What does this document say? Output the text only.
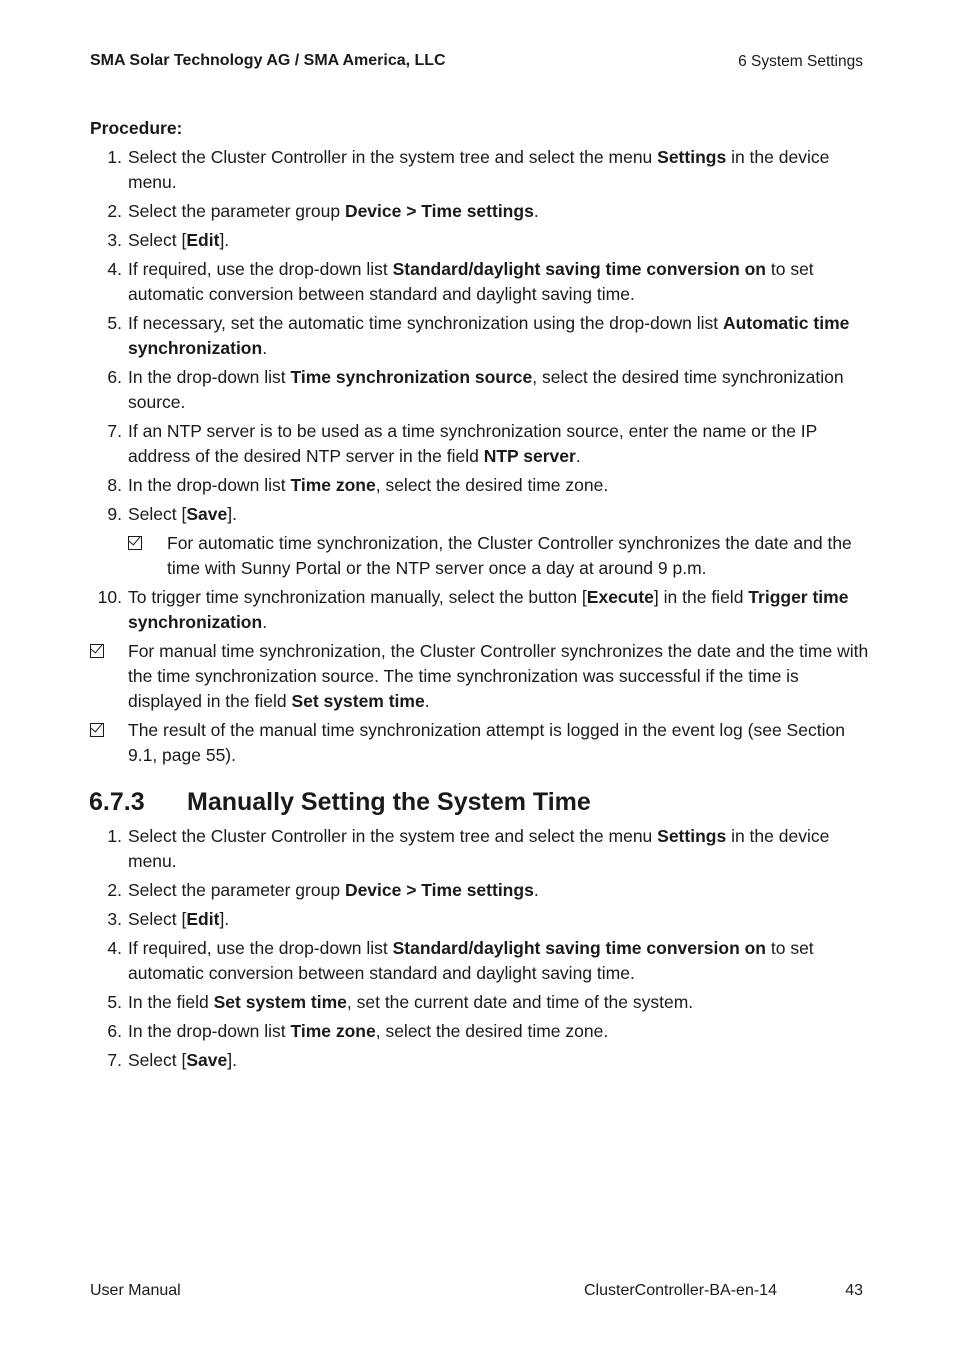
SMA Solar Technology AG / SMA America, LLC	6 System Settings
Procedure:
1. Select the Cluster Controller in the system tree and select the menu Settings in the device menu.
2. Select the parameter group Device > Time settings.
3. Select [Edit].
4. If required, use the drop-down list Standard/daylight saving time conversion on to set automatic conversion between standard and daylight saving time.
5. If necessary, set the automatic time synchronization using the drop-down list Automatic time synchronization.
6. In the drop-down list Time synchronization source, select the desired time synchronization source.
7. If an NTP server is to be used as a time synchronization source, enter the name or the IP address of the desired NTP server in the field NTP server.
8. In the drop-down list Time zone, select the desired time zone.
9. Select [Save].
For automatic time synchronization, the Cluster Controller synchronizes the date and the time with Sunny Portal or the NTP server once a day at around 9 p.m.
10. To trigger time synchronization manually, select the button [Execute] in the field Trigger time synchronization.
For manual time synchronization, the Cluster Controller synchronizes the date and the time with the time synchronization source. The time synchronization was successful if the time is displayed in the field Set system time.
The result of the manual time synchronization attempt is logged in the event log (see Section 9.1, page 55).
6.7.3 Manually Setting the System Time
1. Select the Cluster Controller in the system tree and select the menu Settings in the device menu.
2. Select the parameter group Device > Time settings.
3. Select [Edit].
4. If required, use the drop-down list Standard/daylight saving time conversion on to set automatic conversion between standard and daylight saving time.
5. In the field Set system time, set the current date and time of the system.
6. In the drop-down list Time zone, select the desired time zone.
7. Select [Save].
User Manual	ClusterController-BA-en-14	43
